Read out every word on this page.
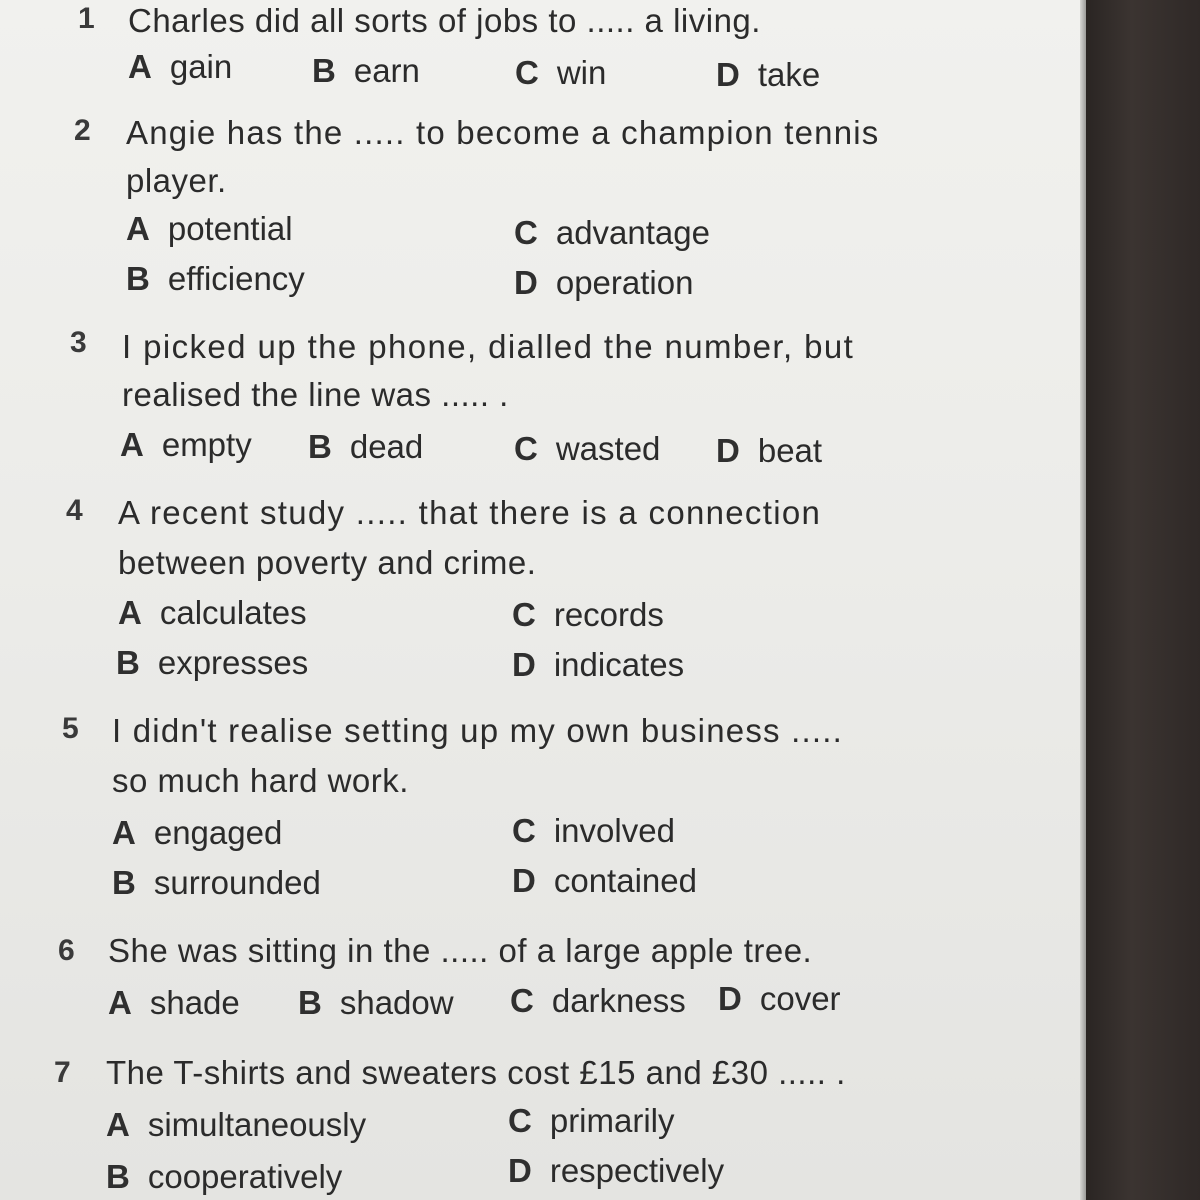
1 Charles did all sorts of jobs to ..... a living.
A gain B earn	C win	D take
2 Angie has the ..... to become a champion tennis
player.
A potential
B efficiency
C advantage
D operation
3 I picked up the phone, dialled the number, but
realised the line was ..... .
A empty B dead	C wasted D beat
4 A recent study ..... that there is a connection
between poverty and crime.
A calculates
B expresses
C records
D indicates
5 I didn't realise setting up my own business .....
so much hard work.
A engaged
B surrounded
C involved
D contained
6 She was sitting in the ..... of a large apple tree.
A shade B shadow C darkness D cover
7 The T-shirts and sweaters cost £15 and £30 ..... .
A simultaneously
B cooperatively
C primarily
D respectively
